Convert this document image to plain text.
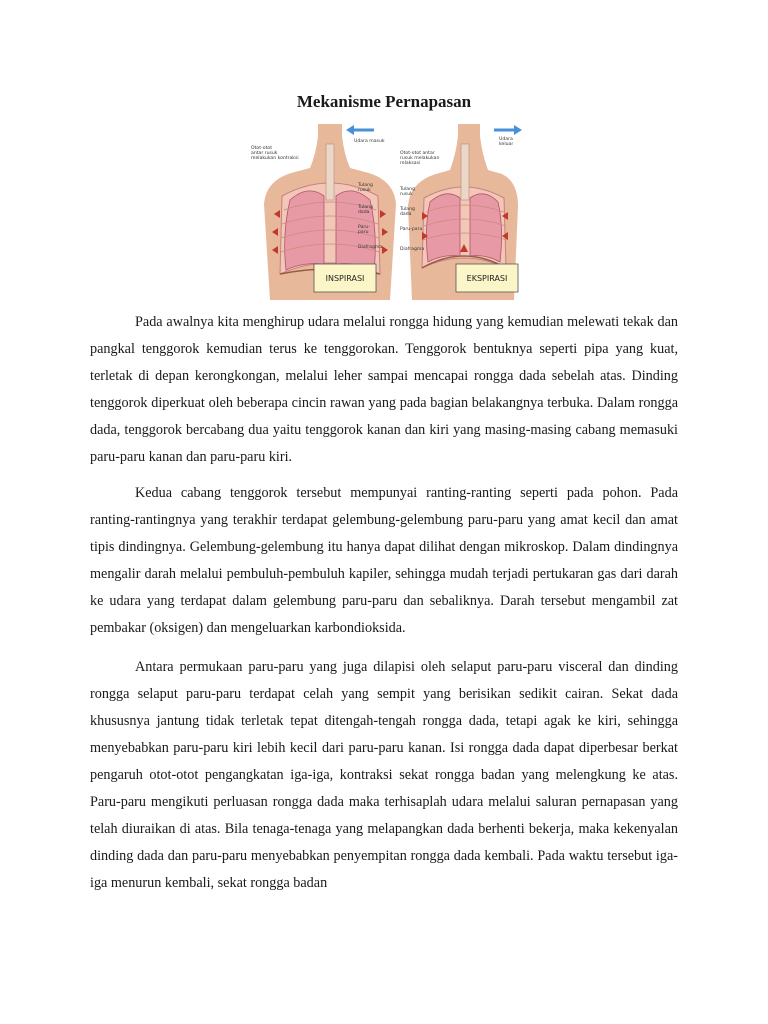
Mekanisme Pernapasan
Udara masuk
Otot-otot antar rusuk melakukan kontraksi
Tulang rusuk
Tulang dada
Paru-paru
Diafragma
INSPIRASI
Udara keluar
Otot-otot antar rusuk melakukan relaksasi
Tulang rusuk
Tulang dada
Paru-paru
Diafragma
EKSPIRASI

Pada awalnya kita menghirup udara melalui rongga hidung yang kemudian melewati tekak dan pangkal tenggorok kemudian terus ke tenggorokan. Tenggorok bentuknya seperti pipa yang kuat, terletak di depan kerongkongan, melalui leher sampai mencapai rongga dada sebelah atas. Dinding tenggorok diperkuat oleh beberapa cincin rawan yang pada bagian belakangnya terbuka. Dalam rongga dada, tenggorok bercabang dua yaitu tenggorok kanan dan kiri yang masing-masing cabang memasuki paru-paru kanan dan paru-paru kiri.

Kedua cabang tenggorok tersebut mempunyai ranting-ranting seperti pada pohon. Pada ranting-rantingnya yang terakhir terdapat gelembung-gelembung paru-paru yang amat kecil dan amat tipis dindingnya. Gelembung-gelembung itu hanya dapat dilihat dengan mikroskop. Dalam dindingnya mengalir darah melalui pembuluh-pembuluh kapiler, sehingga mudah terjadi pertukaran gas dari darah ke udara yang terdapat dalam gelembung paru-paru dan sebaliknya. Darah tersebut mengambil zat pembakar (oksigen) dan mengeluarkan karbondioksida.

Antara permukaan paru-paru yang juga dilapisi oleh selaput paru-paru visceral dan dinding rongga selaput paru-paru terdapat celah yang sempit yang berisikan sedikit cairan. Sekat dada khususnya jantung tidak terletak tepat ditengah-tengah rongga dada, tetapi agak ke kiri, sehingga menyebabkan paru-paru kiri lebih kecil dari paru-paru kanan. Isi rongga dada dapat diperbesar berkat pengaruh otot-otot pengangkatan iga-iga, kontraksi sekat rongga badan yang melengkung ke atas. Paru-paru mengikuti perluasan rongga dada maka terhisaplah udara melalui saluran pernapasan yang telah diuraikan di atas. Bila tenaga-tenaga yang melapangkan dada berhenti bekerja, maka kekenyalan dinding dada dan paru-paru menyebabkan penyempitan rongga dada kembali. Pada waktu tersebut iga-iga menurun kembali, sekat rongga badan
